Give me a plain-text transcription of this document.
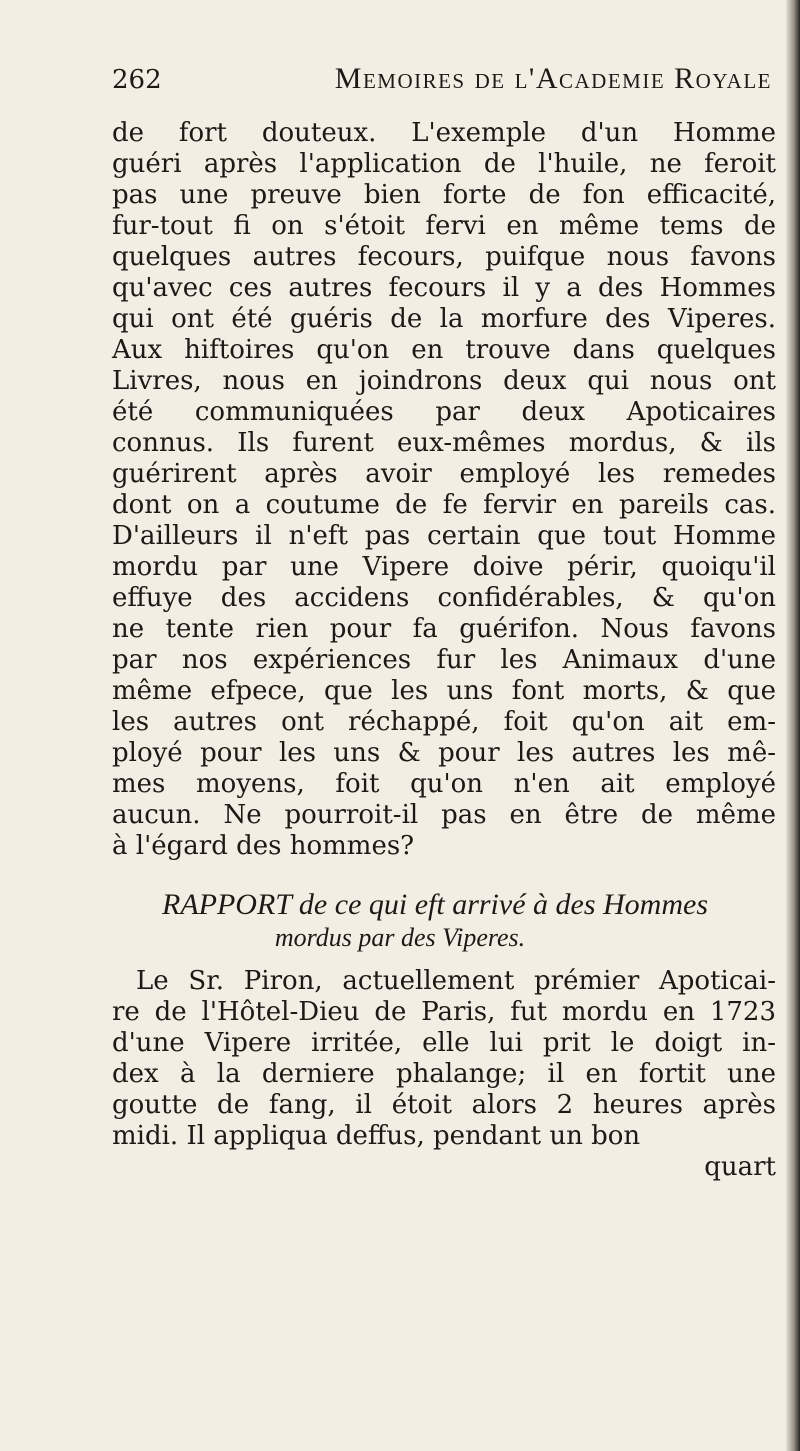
262	Memoires de l'Academie Royale
de fort douteux. L'exemple d'un Homme
guéri après l'application de l'huile, ne feroit
pas une preuve bien forte de fon efficacité,
fur-tout fi on s'étoit fervi en même tems de
quelques autres fecours, puifque nous favons
qu'avec ces autres fecours il y a des Hommes
qui ont été guéris de la morfure des Viperes.
Aux hiftoires qu'on en trouve dans quelques
Livres, nous en joindrons deux qui nous ont
été communiquées par deux Apoticaires
connus. Ils furent eux-mêmes mordus, & ils
guérirent après avoir employé les remedes
dont on a coutume de fe fervir en pareils cas.
D'ailleurs il n'eft pas certain que tout Homme
mordu par une Vipere doive périr, quoiqu'il
effuye des accidens confidérables, & qu'on
ne tente rien pour fa guérifon. Nous favons
par nos expériences fur les Animaux d'une
même efpece, que les uns font morts, & que
les autres ont réchappé, foit qu'on ait em-
ployé pour les uns & pour les autres les mê-
mes moyens, foit qu'on n'en ait employé
aucun. Ne pourroit-il pas en être de même
à l'égard des hommes?
RAPPORT de ce qui eft arrivé à des Hommes
mordus par des Viperes.
Le Sr. Piron, actuellement prémier Apoticai-
re de l'Hôtel-Dieu de Paris, fut mordu en 1723
d'une Vipere irritée, elle lui prit le doigt in-
dex à la derniere phalange; il en fortit une
goutte de fang, il étoit alors 2 heures après
midi. Il appliqua deffus, pendant un bon
quart
